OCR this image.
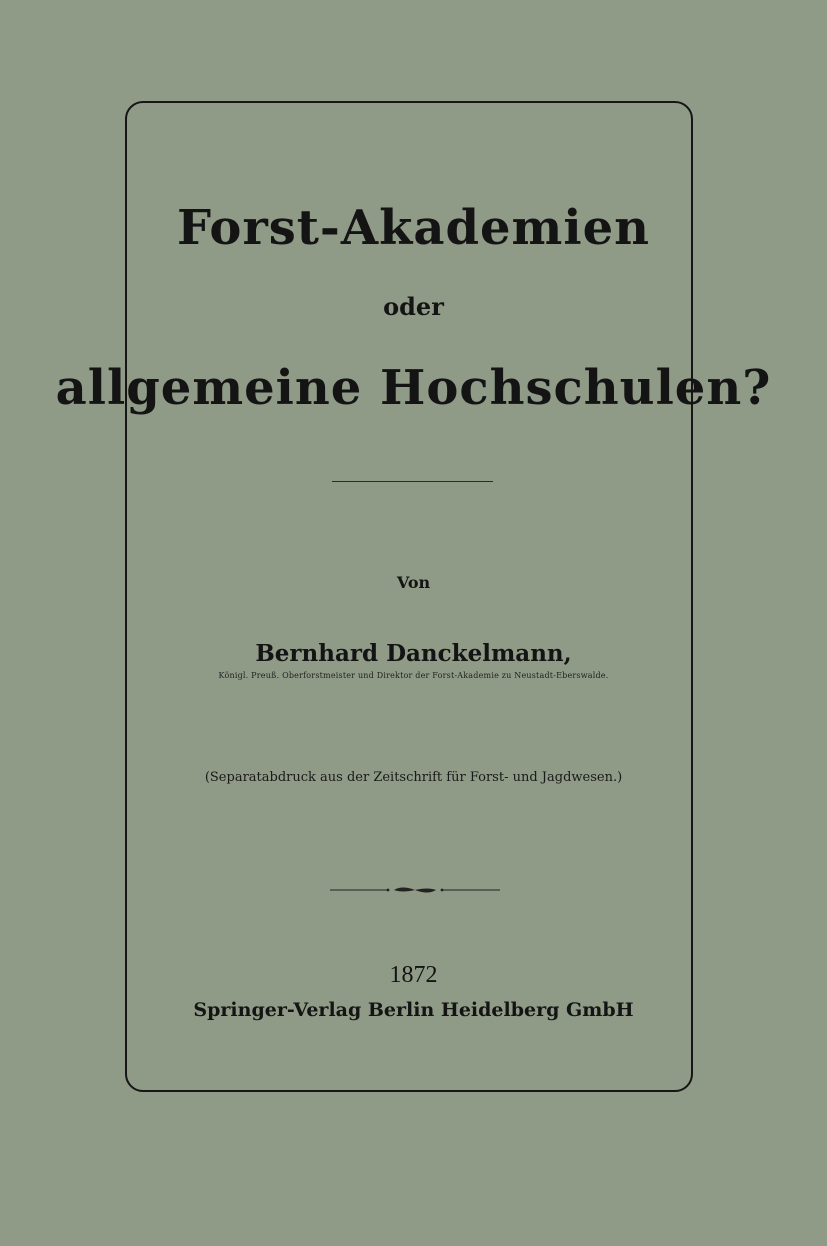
Forst-Akademien
oder
allgemeine Hochschulen?
Von
Bernhard Danckelmann,
Königl. Preuß. Oberforstmeister und Direktor der Forst-Akademie zu Neustadt-Eberswalde.
(Separatabdruck aus der Zeitschrift für Forst- und Jagdwesen.)
1872
Springer-Verlag Berlin Heidelberg GmbH
